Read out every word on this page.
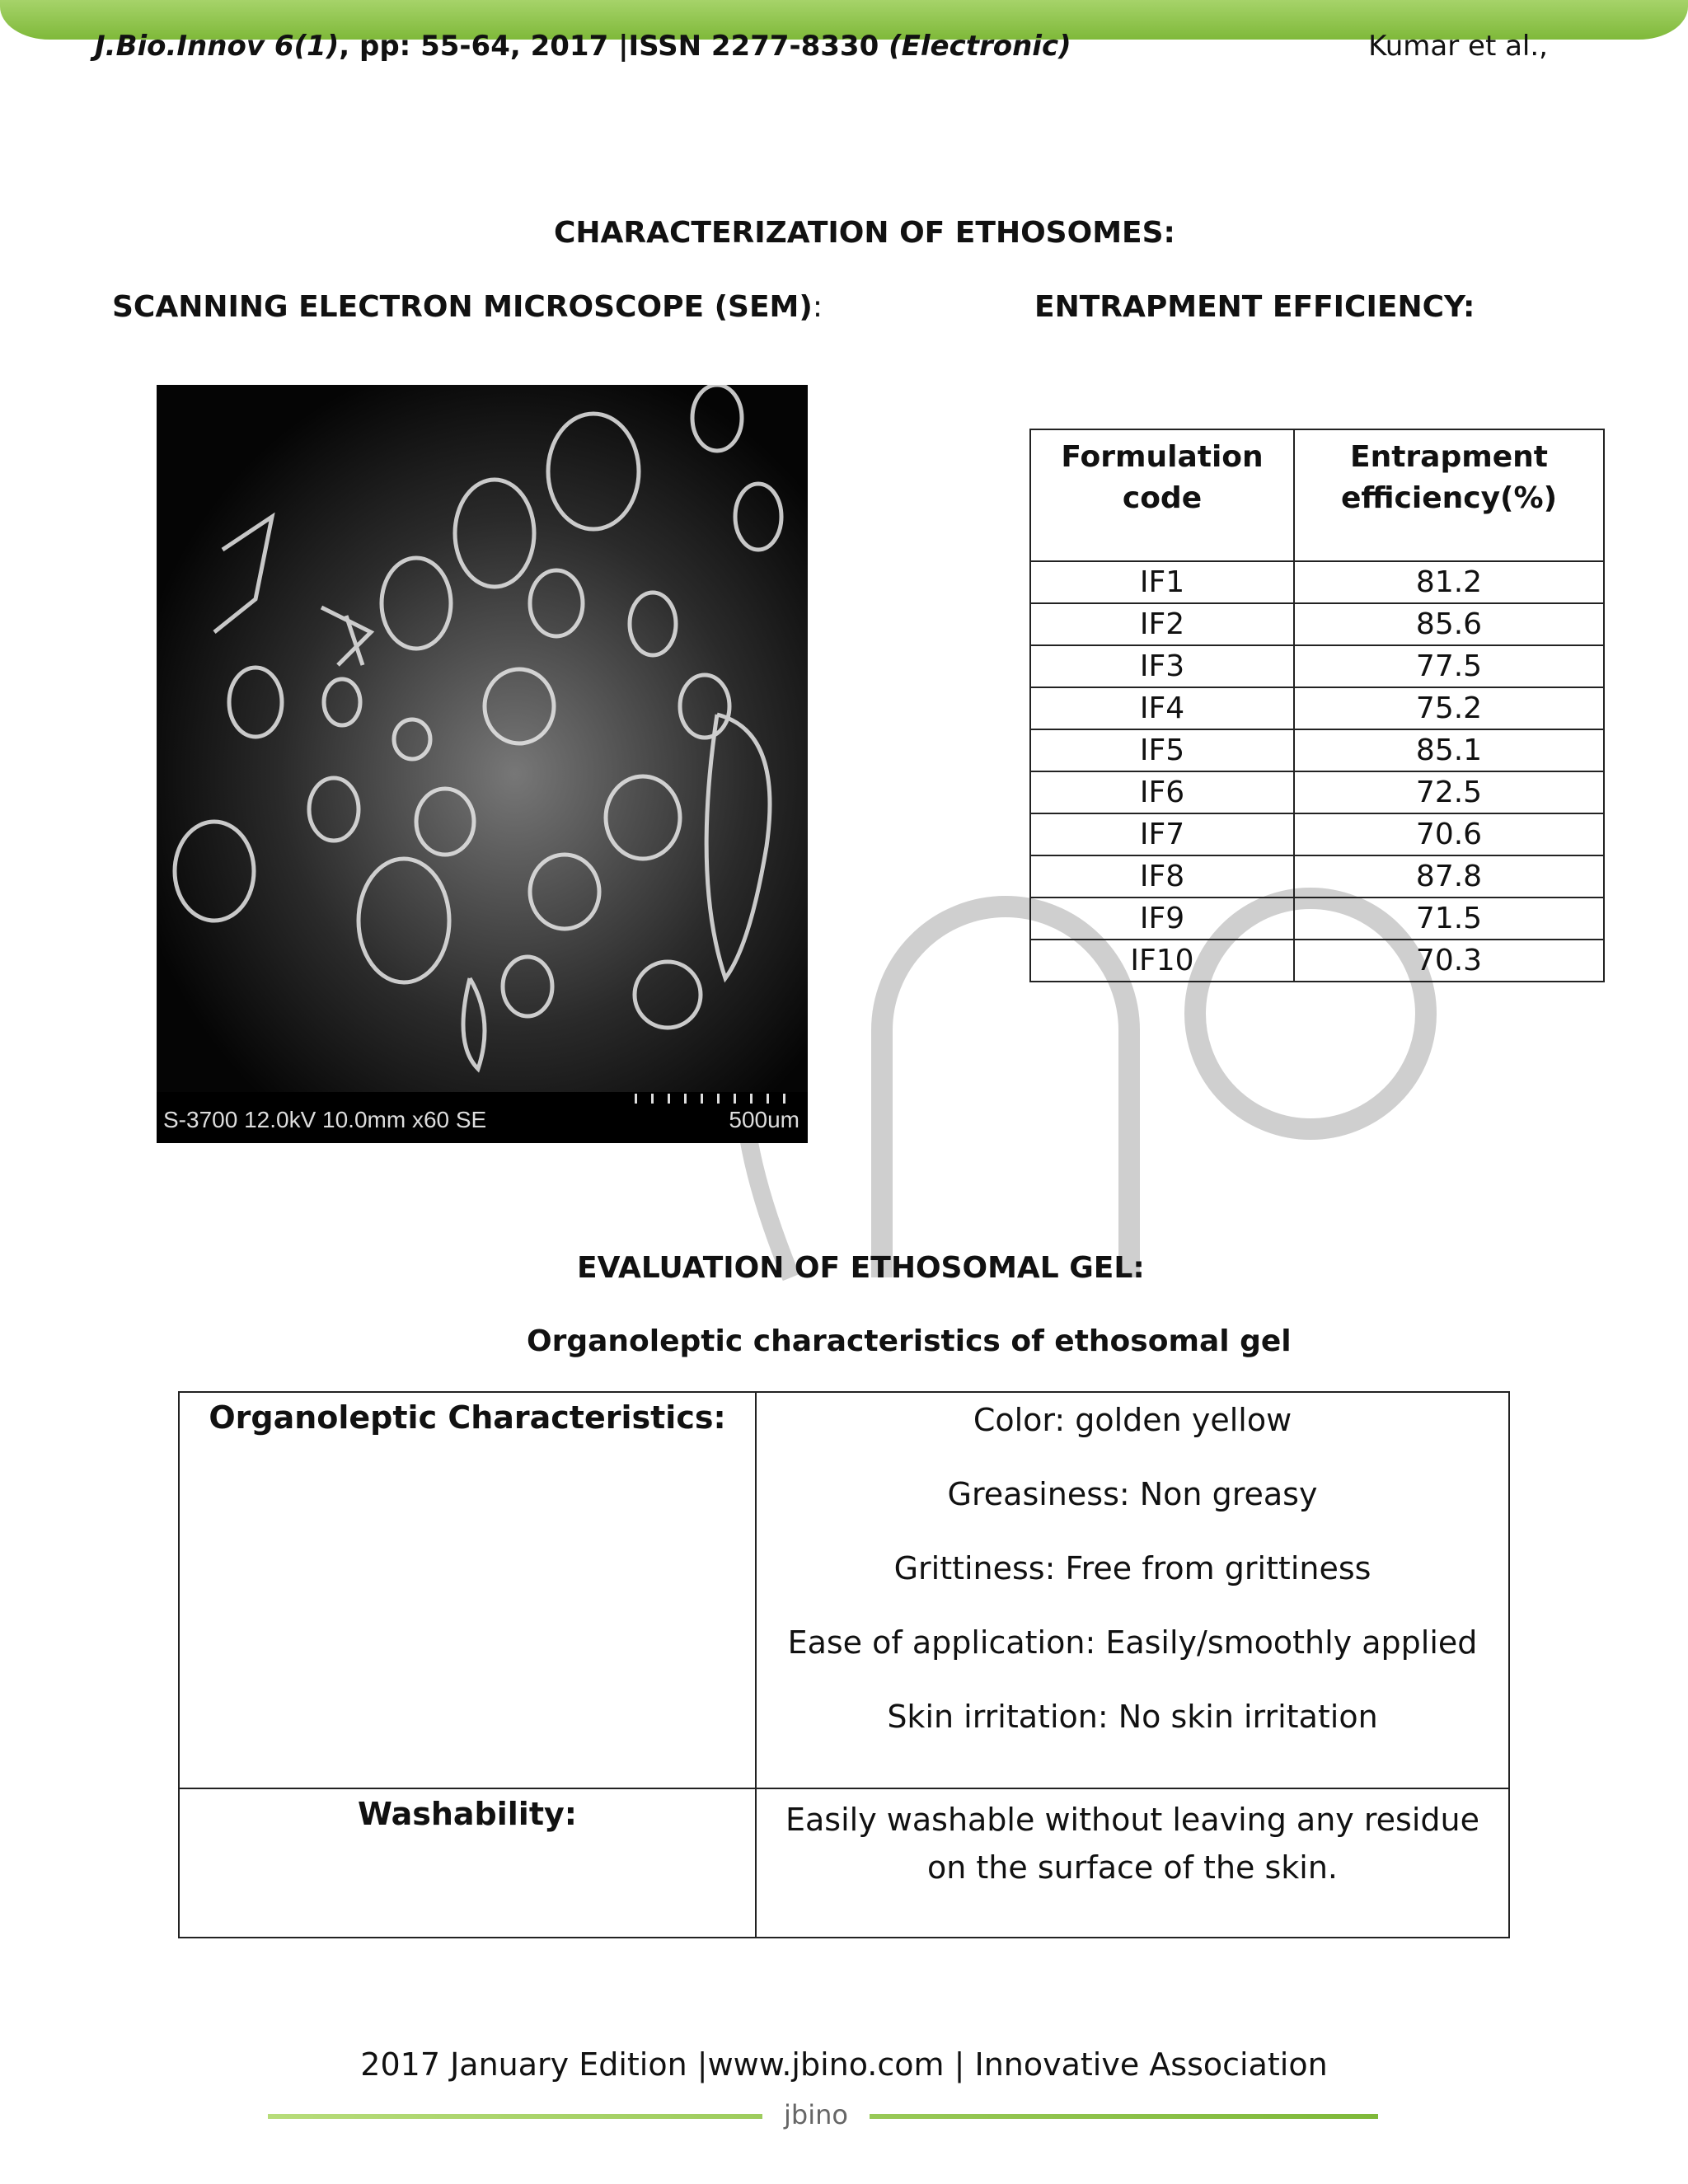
J.Bio.Innov 6(1), pp: 55-64, 2017 |ISSN 2277-8330 (Electronic)	Kumar et al.,
CHARACTERIZATION OF ETHOSOMES:
SCANNING ELECTRON MICROSCOPE (SEM):	ENTRAPMENT EFFICIENCY:
S-3700 12.0kV 10.0mm x60 SE	500um
Formulation code	Entrapment efficiency(%)
IF1	81.2
IF2	85.6
IF3	77.5
IF4	75.2
IF5	85.1
IF6	72.5
IF7	70.6
IF8	87.8
IF9	71.5
IF10	70.3
EVALUATION OF ETHOSOMAL GEL:
Organoleptic characteristics of ethosomal gel
Organoleptic Characteristics:	Color: golden yellow
Greasiness: Non greasy
Grittiness: Free from grittiness
Ease of application: Easily/smoothly applied
Skin irritation: No skin irritation

Washability:	Easily washable without leaving any residue on the surface of the skin.
2017 January Edition |www.jbino.com | Innovative Association
jbino
